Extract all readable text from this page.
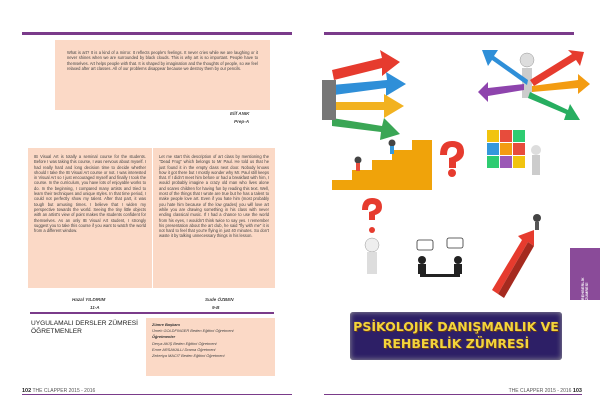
What is art? It is a kind of a mirror. It reflects people's feelings. It never cries while we are laughing or it never shines when we are surrounded by black clouds. This is why art is so important. People have to themselves. Art helps people with that. It is shaped by imagination and the thoughts of people, so we feel relaxed after art classes. All of our problems disappear because we destroy them by our pencils.

Elif ANIK
Prep-A

IB Visual Art is totally a seminal course for the students. Before I was taking this course, I was nervous about myself. I had really hard and long decision time to decide whether should I take the IB Visual Art course or not. I was interested in Visual Art so I just encouraged myself and finally I took the course. In the curriculum, you have lots of enjoyable works to do. In the beginning, I compared many artists and tried to learn their techniques and unique styles. In that time period, I could not perfectly show my talent. After that part, it was tough but amusing times. I believe that I widen my perspective towards the world. Seeing the tiny little objects with an artist's view of point makes the students confident for themselves. As an only IB Visual Art student, I strongly suggest you to take this course if you want to watch the world from a different window.

Let me start this description of art class by mentioning the "Dead Frog" which belongs to Mr Paul. He told us that he just found it in the empty class next door. Nobody knows how it got there but I mostly wonder why Mr. Paul still keeps that. If I didn't meet him before or had a breakfast with him, I would probably imagine a crazy old man who lives alone and scares children for having fun by reading this text. Well, most of the things that I wrote are true but he has a talent to make people love art. Even if you hate him (most probably you hate him because of the low grades) you will love art while you are drawing something in his class with never ending classical music. If I had a chance to use the world from his eyes, I wouldn't think twice to say yes. I remember his presentation about the art club, he said "fly with me" it is not hard to feel that you're flying in just 40 minutes. So don't waste it by talking unnecessary things in his lesson.

Hazal YILDIRIM
11-A
Sude ÖZBEN
9-B
UYGULAMALI DERSLER ZÜMRESİ ÖĞRETMENLER
Zümre Başkanı
Ümeh GOLDFINGER Beden Eğitimi Öğretmeni
Öğretmenler
Derya AKIŞ Beden Eğitimi Öğretmeni
Emre ARSAKALLI Drama Öğretmeni
Zekeriya MACIT Beden Eğitimi Öğretmeni
102 THE CLAPPER 2015 - 2016
REHBERLİK ZÜMRESİ
PSİKOLOJİK DANIŞMANLIK VE REHBERLİK ZÜMRESİ
THE CLAPPER 2015 - 2016 103
